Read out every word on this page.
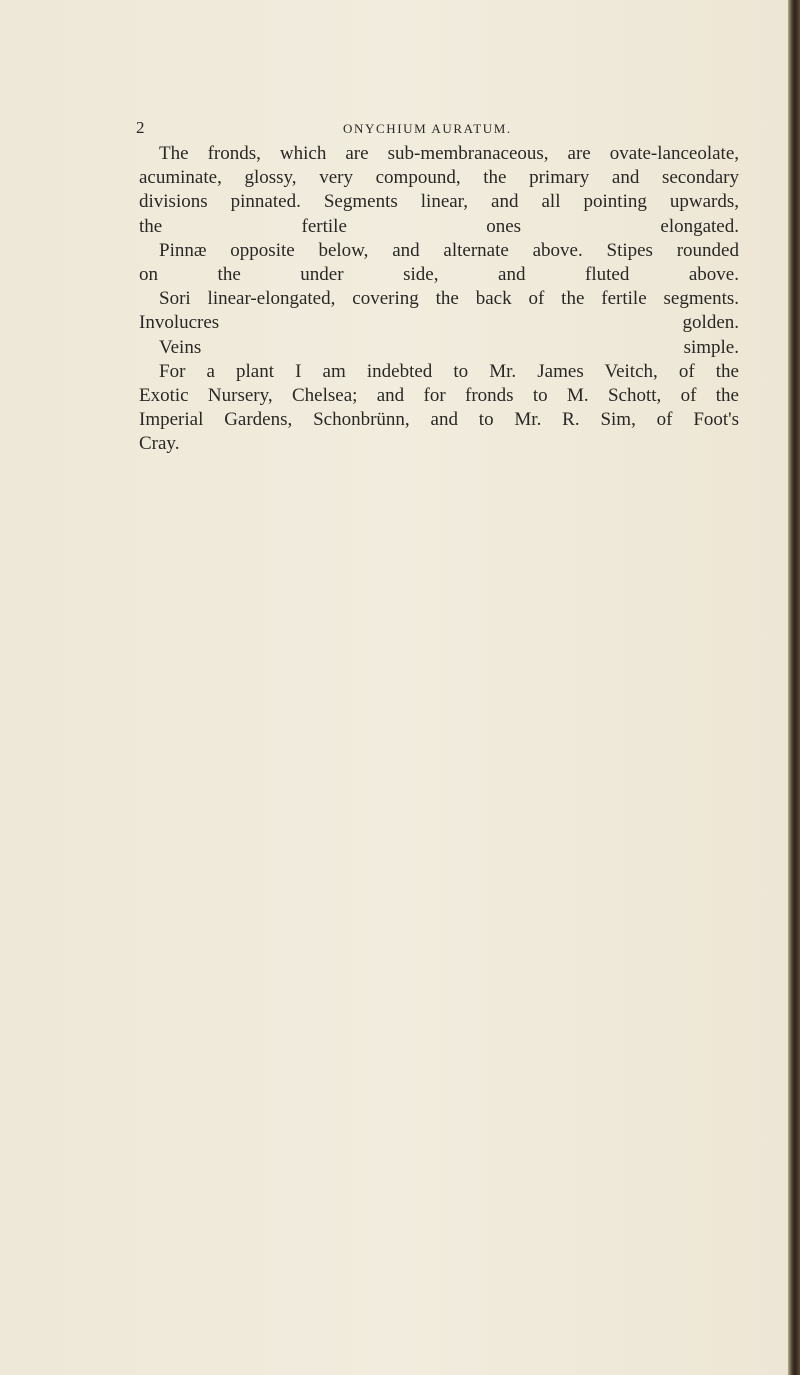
2	ONYCHIUM AURATUM.

The fronds, which are sub-membranaceous, are ovate-lanceolate,
acuminate, glossy, very compound, the primary and secondary
divisions pinnated. Segments linear, and all pointing upwards,
the fertile ones elongated.

Pinnæ opposite below, and alternate above. Stipes rounded
on the under side, and fluted above.

Sori linear-elongated, covering the back of the fertile segments.
Involucres golden.

Veins simple.

For a plant I am indebted to Mr. James Veitch, of the
Exotic Nursery, Chelsea; and for fronds to M. Schott, of the
Imperial Gardens, Schonbrünn, and to Mr. R. Sim, of Foot's
Cray.
